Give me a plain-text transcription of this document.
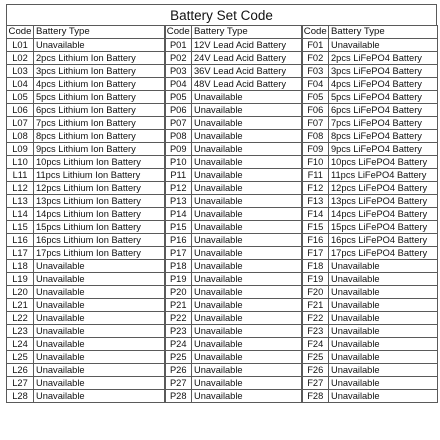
Battery Set Code
Code	Battery Type	Code	Battery Type	Code	Battery Type
L01	Unavailable	P01	12V Lead Acid Battery	F01	Unavailable
L02	2pcs Lithium Ion Battery	P02	24V Lead Acid Battery	F02	2pcs LiFePO4 Battery
L03	3pcs Lithium Ion Battery	P03	36V Lead Acid Battery	F03	3pcs LiFePO4 Battery
L04	4pcs Lithium Ion Battery	P04	48V Lead Acid Battery	F04	4pcs LiFePO4 Battery
L05	5pcs Lithium Ion Battery	P05	Unavailable	F05	5pcs LiFePO4 Battery
L06	6pcs Lithium Ion Battery	P06	Unavailable	F06	6pcs LiFePO4 Battery
L07	7pcs Lithium Ion Battery	P07	Unavailable	F07	7pcs LiFePO4 Battery
L08	8pcs Lithium Ion Battery	P08	Unavailable	F08	8pcs LiFePO4 Battery
L09	9pcs Lithium Ion Battery	P09	Unavailable	F09	9pcs LiFePO4 Battery
L10	10pcs Lithium Ion Battery	P10	Unavailable	F10	10pcs LiFePO4 Battery
L11	11pcs Lithium Ion Battery	P11	Unavailable	F11	11pcs LiFePO4 Battery
L12	12pcs Lithium Ion Battery	P12	Unavailable	F12	12pcs LiFePO4 Battery
L13	13pcs Lithium Ion Battery	P13	Unavailable	F13	13pcs LiFePO4 Battery
L14	14pcs Lithium Ion Battery	P14	Unavailable	F14	14pcs LiFePO4 Battery
L15	15pcs Lithium Ion Battery	P15	Unavailable	F15	15pcs LiFePO4 Battery
L16	16pcs Lithium Ion Battery	P16	Unavailable	F16	16pcs LiFePO4 Battery
L17	17pcs Lithium Ion Battery	P17	Unavailable	F17	17pcs LiFePO4 Battery
L18	Unavailable	P18	Unavailable	F18	Unavailable
L19	Unavailable	P19	Unavailable	F19	Unavailable
L20	Unavailable	P20	Unavailable	F20	Unavailable
L21	Unavailable	P21	Unavailable	F21	Unavailable
L22	Unavailable	P22	Unavailable	F22	Unavailable
L23	Unavailable	P23	Unavailable	F23	Unavailable
L24	Unavailable	P24	Unavailable	F24	Unavailable
L25	Unavailable	P25	Unavailable	F25	Unavailable
L26	Unavailable	P26	Unavailable	F26	Unavailable
L27	Unavailable	P27	Unavailable	F27	Unavailable
L28	Unavailable	P28	Unavailable	F28	Unavailable
